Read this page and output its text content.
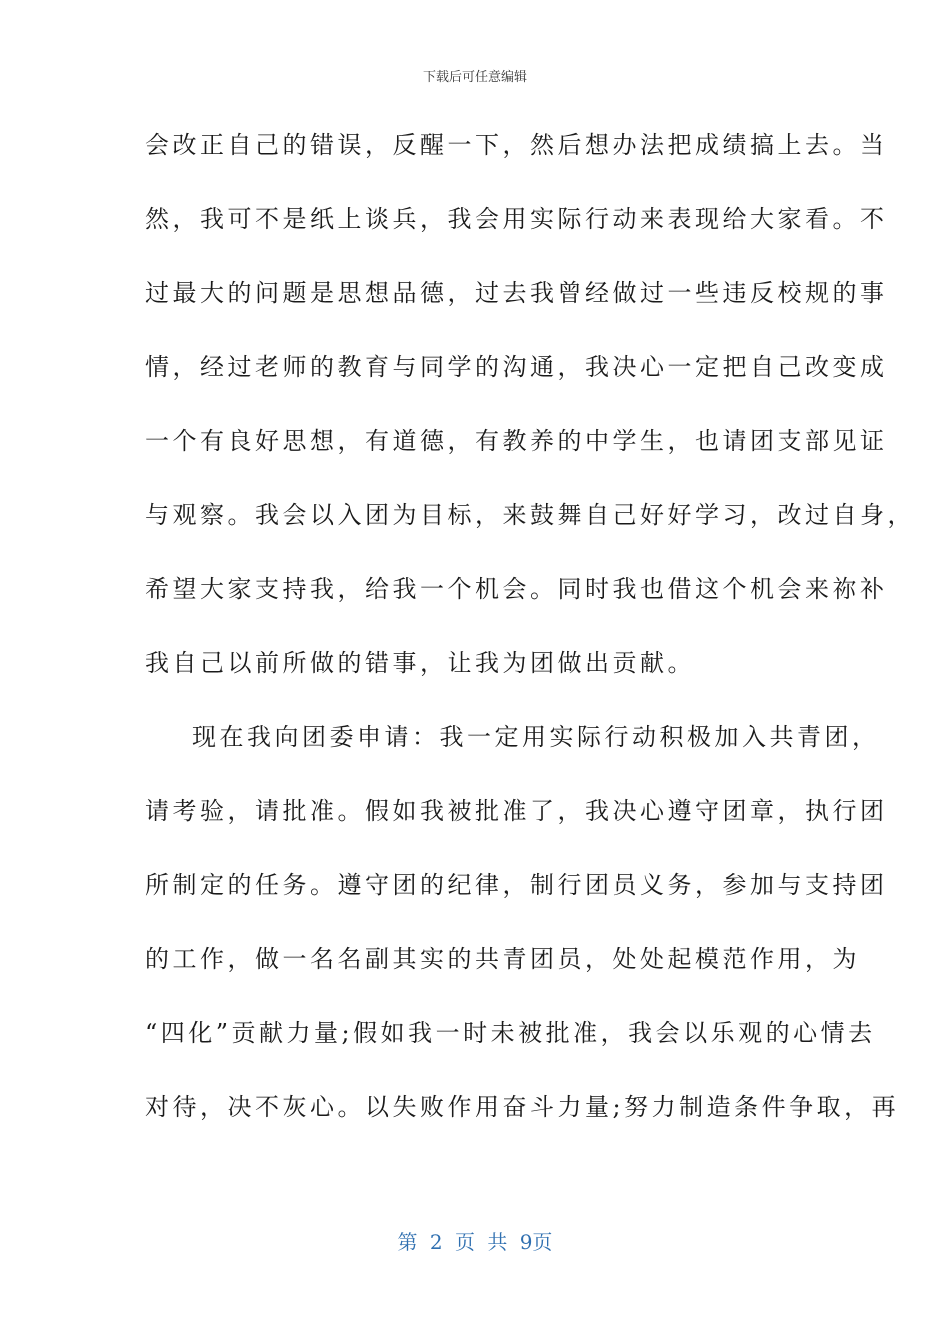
下载后可任意编辑
会改正自己的错误，反醒一下，然后想办法把成绩搞上去。当
然，我可不是纸上谈兵，我会用实际行动来表现给大家看。不
过最大的问题是思想品德，过去我曾经做过一些违反校规的事
情，经过老师的教育与同学的沟通，我决心一定把自己改变成
一个有良好思想，有道德，有教养的中学生，也请团支部见证
与观察。我会以入团为目标，来鼓舞自己好好学习，改过自身，
希望大家支持我，给我一个机会。同时我也借这个机会来祢补
我自己以前所做的错事，让我为团做出贡献。
现在我向团委申请：我一定用实际行动积极加入共青团，
请考验，请批准。假如我被批准了，我决心遵守团章，执行团
所制定的任务。遵守团的纪律，制行团员义务，参加与支持团
的工作，做一名名副其实的共青团员，处处起模范作用，为
“四化”贡献力量;假如我一时未被批准，我会以乐观的心情去
对待，决不灰心。以失败作用奋斗力量;努力制造条件争取，再
第 2 页 共 9页
